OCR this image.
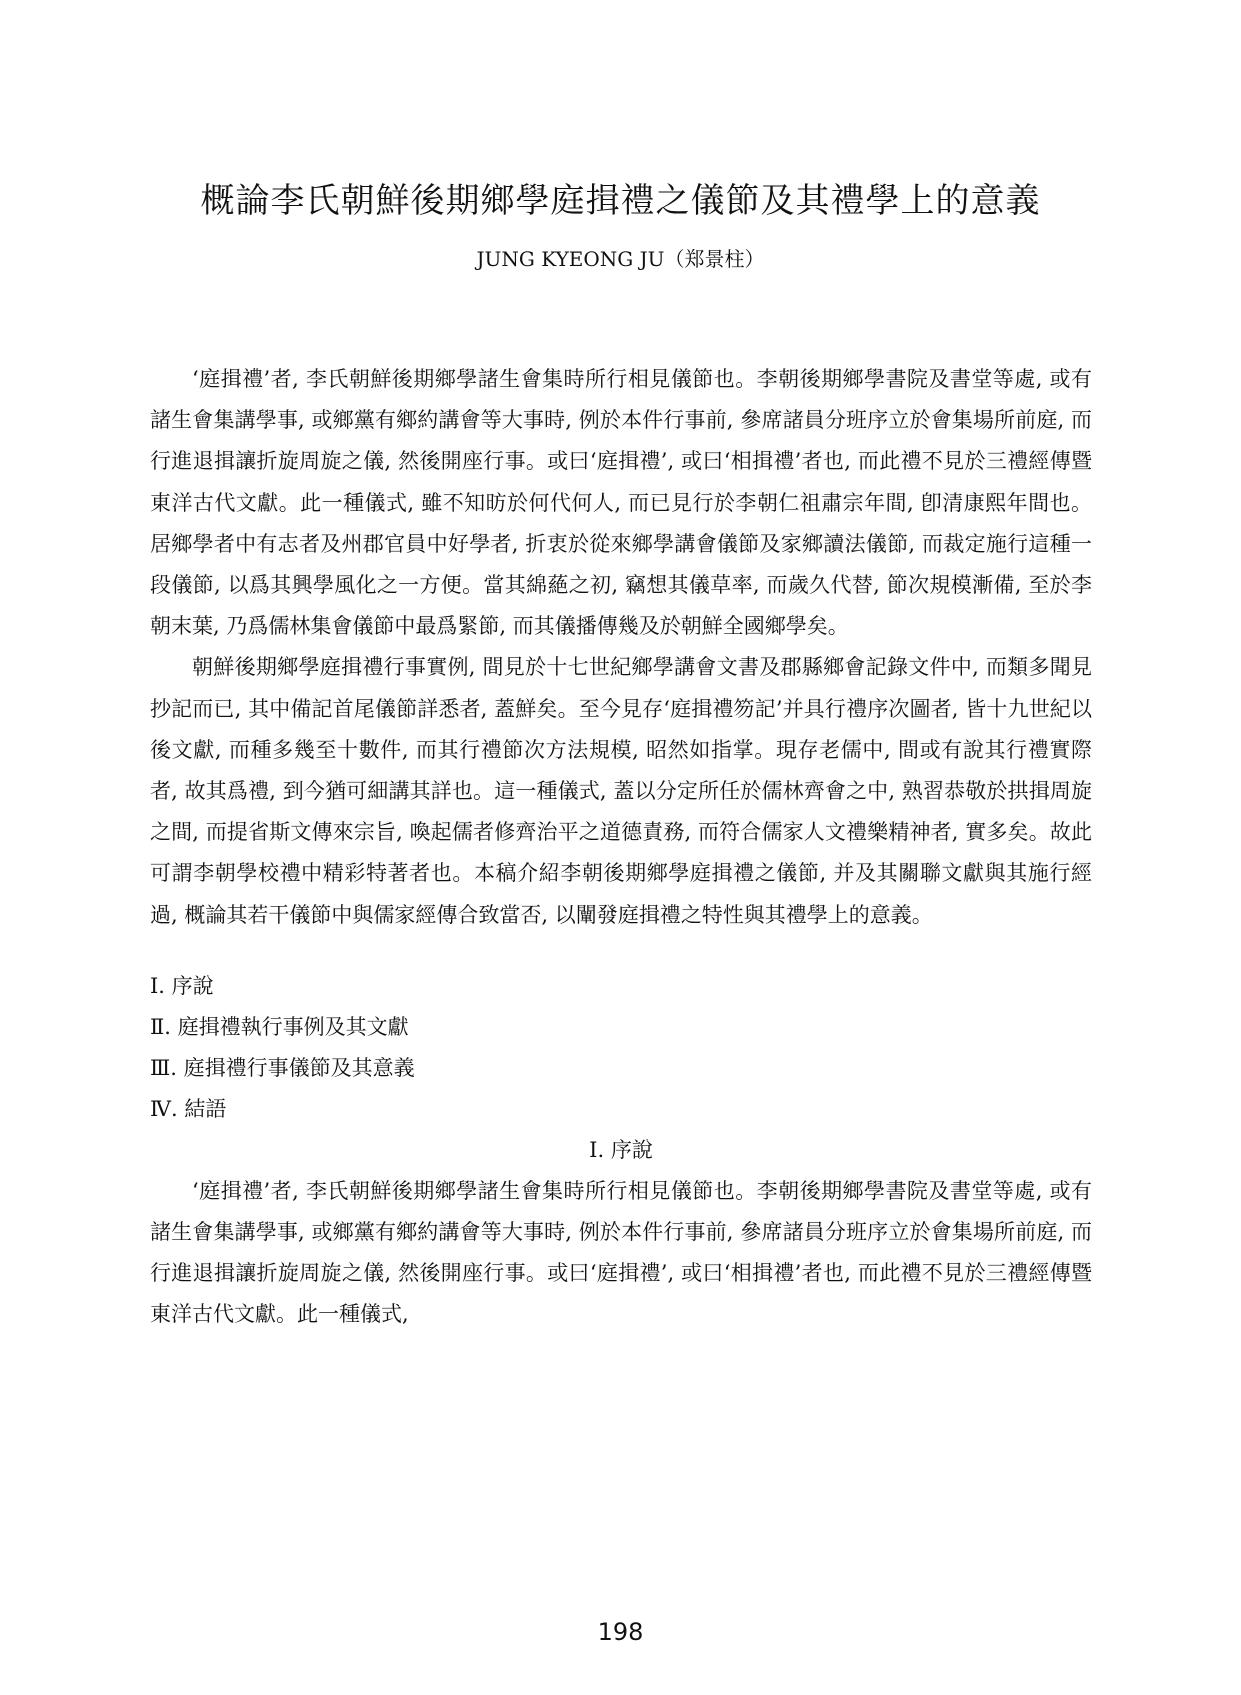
概論李氏朝鮮後期鄉學庭揖禮之儀節及其禮學上的意義
JUNG KYEONG JU（郑景柱）

‘庭揖禮’者, 李氏朝鮮後期鄉學諸生會集時所行相見儀節也。李朝後期鄉學書院及書堂等處, 或有諸生會集講學事, 或鄉黨有鄉約講會等大事時, 例於本件行事前, 參席諸員分班序立於會集場所前庭, 而行進退揖讓折旋周旋之儀, 然後開座行事。或曰‘庭揖禮’, 或曰‘相揖禮’者也, 而此禮不見於三禮經傳暨東洋古代文獻。此一種儀式, 雖不知昉於何代何人, 而已見行於李朝仁祖肅宗年間, 卽清康熙年間也。居鄉學者中有志者及州郡官員中好學者, 折衷於從來鄉學講會儀節及家鄉讀法儀節, 而裁定施行這種一段儀節, 以爲其興學風化之一方便。當其綿蕝之初, 竊想其儀草率, 而歲久代替, 節次規模漸備, 至於李朝末葉, 乃爲儒林集會儀節中最爲緊節, 而其儀播傳幾及於朝鮮全國鄉學矣。

朝鮮後期鄉學庭揖禮行事實例, 間見於十七世紀鄉學講會文書及郡縣鄉會記錄文件中, 而類多聞見抄記而已, 其中備記首尾儀節詳悉者, 蓋鮮矣。至今見存‘庭揖禮笏記’并具行禮序次圖者, 皆十九世紀以後文獻, 而種多幾至十數件, 而其行禮節次方法規模, 昭然如指掌。現存老儒中, 間或有說其行禮實際者, 故其爲禮, 到今猶可細講其詳也。這一種儀式, 蓋以分定所任於儒林齊會之中, 熟習恭敬於拱揖周旋之間, 而提省斯文傳來宗旨, 喚起儒者修齊治平之道德責務, 而符合儒家人文禮樂精神者, 實多矣。故此可謂李朝學校禮中精彩特著者也。本稿介紹李朝後期鄉學庭揖禮之儀節, 并及其關聯文獻與其施行經過, 概論其若干儀節中與儒家經傳合致當否, 以闡發庭揖禮之特性與其禮學上的意義。

Ⅰ. 序說
Ⅱ. 庭揖禮執行事例及其文獻
Ⅲ. 庭揖禮行事儀節及其意義
Ⅳ. 結語
Ⅰ. 序說

‘庭揖禮’者, 李氏朝鮮後期鄉學諸生會集時所行相見儀節也。李朝後期鄉學書院及書堂等處, 或有諸生會集講學事, 或鄉黨有鄉約講會等大事時, 例於本件行事前, 參席諸員分班序立於會集場所前庭, 而行進退揖讓折旋周旋之儀, 然後開座行事。或曰‘庭揖禮’, 或曰‘相揖禮’者也, 而此禮不見於三禮經傳暨東洋古代文獻。此一種儀式,

198
